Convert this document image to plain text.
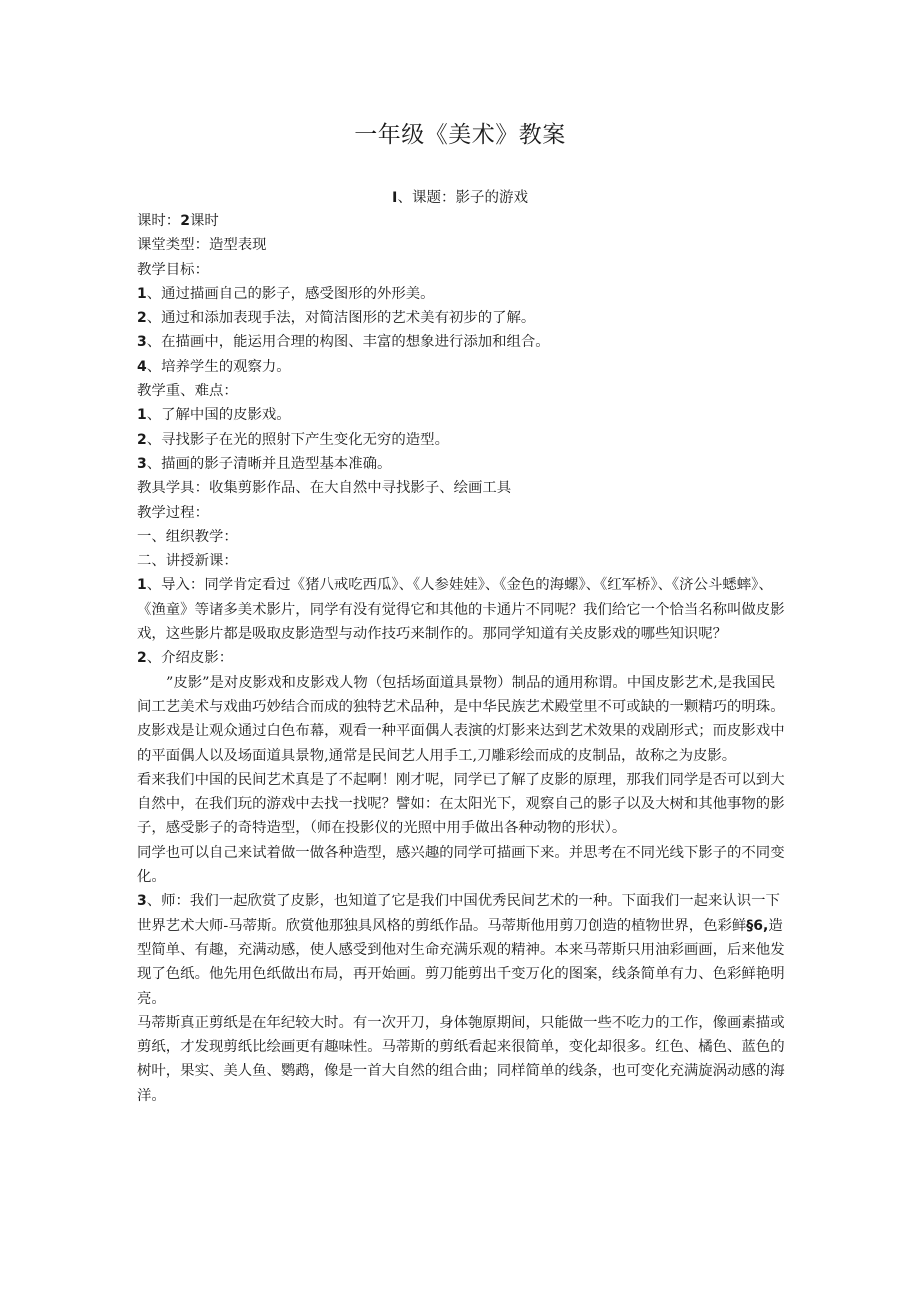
一年级《美术》教案
I、课题：影子的游戏

课时：2课时

课堂类型：造型表现

教学目标：

1、通过描画自己的影子，感受图形的外形美。

2、通过和添加表现手法，对简洁图形的艺术美有初步的了解。

3、在描画中，能运用合理的构图、丰富的想象进行添加和组合。

4、培养学生的观察力。

教学重、难点：

1、了解中国的皮影戏。

2、寻找影子在光的照射下产生变化无穷的造型。

3、描画的影子清晰并且造型基本准确。

教具学具：收集剪影作品、在大自然中寻找影子、绘画工具

教学过程：

一、组织教学：

二、讲授新课：

1、导入：同学肯定看过《猪八戒吃西瓜》、《人参娃娃》、《金色的海螺》、《红军桥》、《济公斗蟋蟀》、《渔童》等诸多美术影片，同学有没有觉得它和其他的卡通片不同呢？我们给它一个恰当名称叫做皮影戏，这些影片都是吸取皮影造型与动作技巧来制作的。那同学知道有关皮影戏的哪些知识呢？

2、介绍皮影：

”皮影”是对皮影戏和皮影戏人物（包括场面道具景物）制品的通用称谓。中国皮影艺术,是我国民间工艺美术与戏曲巧妙结合而成的独特艺术品种，是中华民族艺术殿堂里不可或缺的一颗精巧的明珠。

皮影戏是让观众通过白色布幕，观看一种平面偶人表演的灯影来达到艺术效果的戏剧形式；而皮影戏中的平面偶人以及场面道具景物,通常是民间艺人用手工,刀雕彩绘而成的皮制品，故称之为皮影。

看来我们中国的民间艺术真是了不起啊！刚才呢，同学已了解了皮影的原理，那我们同学是否可以到大自然中，在我们玩的游戏中去找一找呢？譬如：在太阳光下，观察自己的影子以及大树和其他事物的影子，感受影子的奇特造型，（师在投影仪的光照中用手做出各种动物的形状）。

同学也可以自己来试着做一做各种造型，感兴趣的同学可描画下来。并思考在不同光线下影子的不同变化。

3、师：我们一起欣赏了皮影，也知道了它是我们中国优秀民间艺术的一种。下面我们一起来认识一下世界艺术大师-马蒂斯。欣赏他那独具风格的剪纸作品。马蒂斯他用剪刀创造的植物世界，色彩鲜§6,造型简单、有趣，充满动感，使人感受到他对生命充满乐观的精神。本来马蒂斯只用油彩画画，后来他发现了色纸。他先用色纸做出布局，再开始画。剪刀能剪出千变万化的图案，线条简单有力、色彩鲜艳明亮。

马蒂斯真正剪纸是在年纪较大时。有一次开刀，身体匏原期间，只能做一些不吃力的工作，像画素描或剪纸，才发现剪纸比绘画更有趣味性。马蒂斯的剪纸看起来很简单，变化却很多。红色、橘色、蓝色的树叶，果实、美人鱼、鹦鹉，像是一首大自然的组合曲；同样简单的线条，也可变化充满旋涡动感的海洋。
